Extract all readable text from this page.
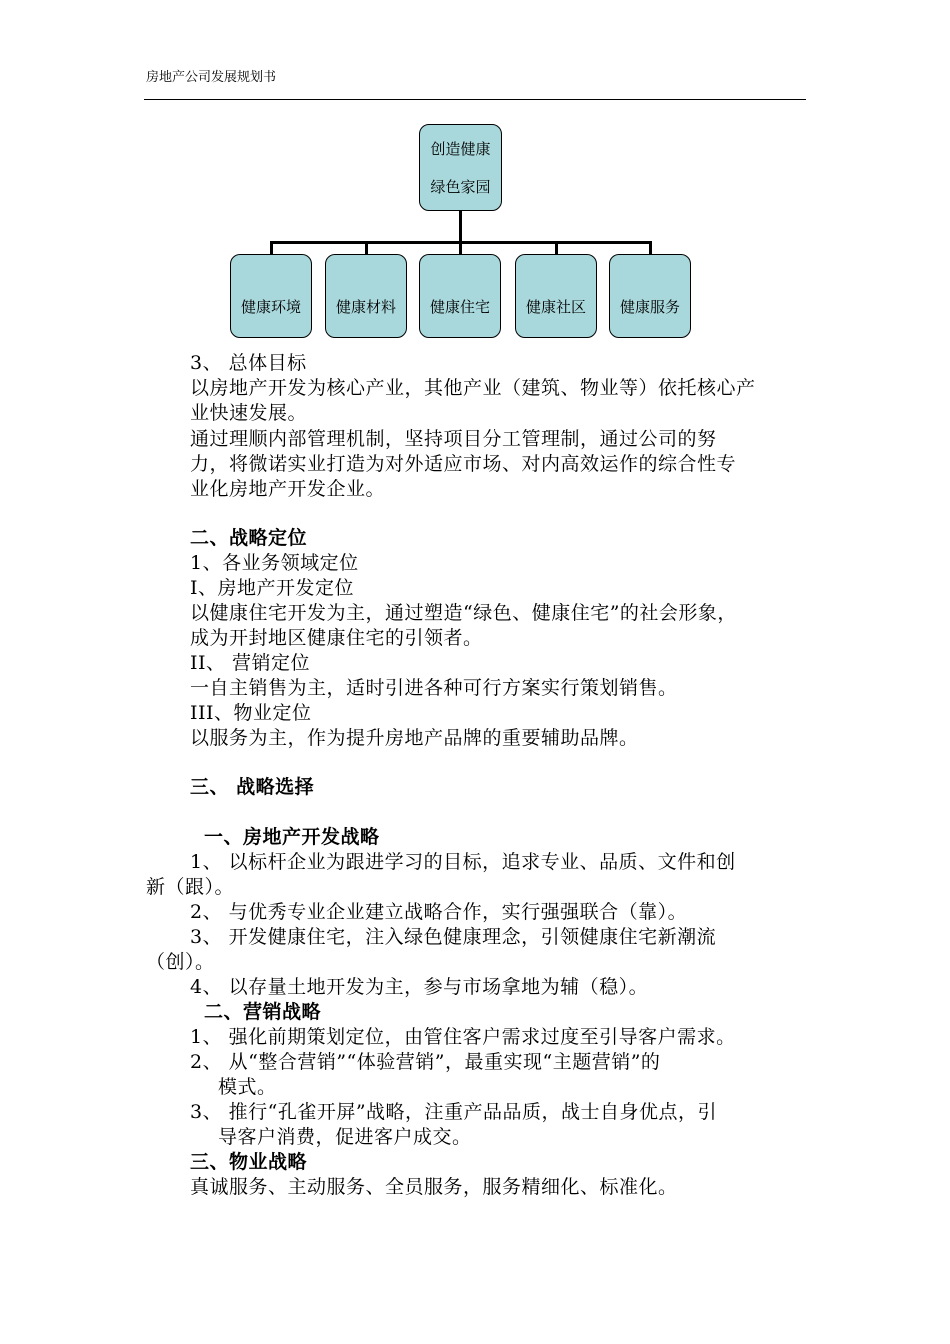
房地产公司发展规划书
创造健康
绿色家园
健康环境	健康材料	健康住宅	健康社区	健康服务
3、 总体目标
以房地产开发为核心产业，其他产业（建筑、物业等）依托核心产
业快速发展。
通过理顺内部管理机制，坚持项目分工管理制，通过公司的努
力，将微诺实业打造为对外适应市场、对内高效运作的综合性专
业化房地产开发企业。
二、战略定位
1、各业务领域定位
I、房地产开发定位
以健康住宅开发为主，通过塑造“绿色、健康住宅”的社会形象，
成为开封地区健康住宅的引领者。
II、 营销定位
一自主销售为主，适时引进各种可行方案实行策划销售。
III、物业定位
以服务为主，作为提升房地产品牌的重要辅助品牌。
三、 战略选择
一、房地产开发战略
1、 以标杆企业为跟进学习的目标，追求专业、品质、文件和创
新（跟）。
2、 与优秀专业企业建立战略合作，实行强强联合（靠）。
3、 开发健康住宅，注入绿色健康理念，引领健康住宅新潮流
（创）。
4、 以存量土地开发为主，参与市场拿地为辅（稳）。
二、营销战略
1、 强化前期策划定位，由管住客户需求过度至引导客户需求。
2、 从“整合营销”“体验营销”，最重实现“主题营销”的
模式。
3、 推行“孔雀开屏”战略，注重产品品质，战士自身优点，引
导客户消费，促进客户成交。
三、物业战略
真诚服务、主动服务、全员服务，服务精细化、标准化。
